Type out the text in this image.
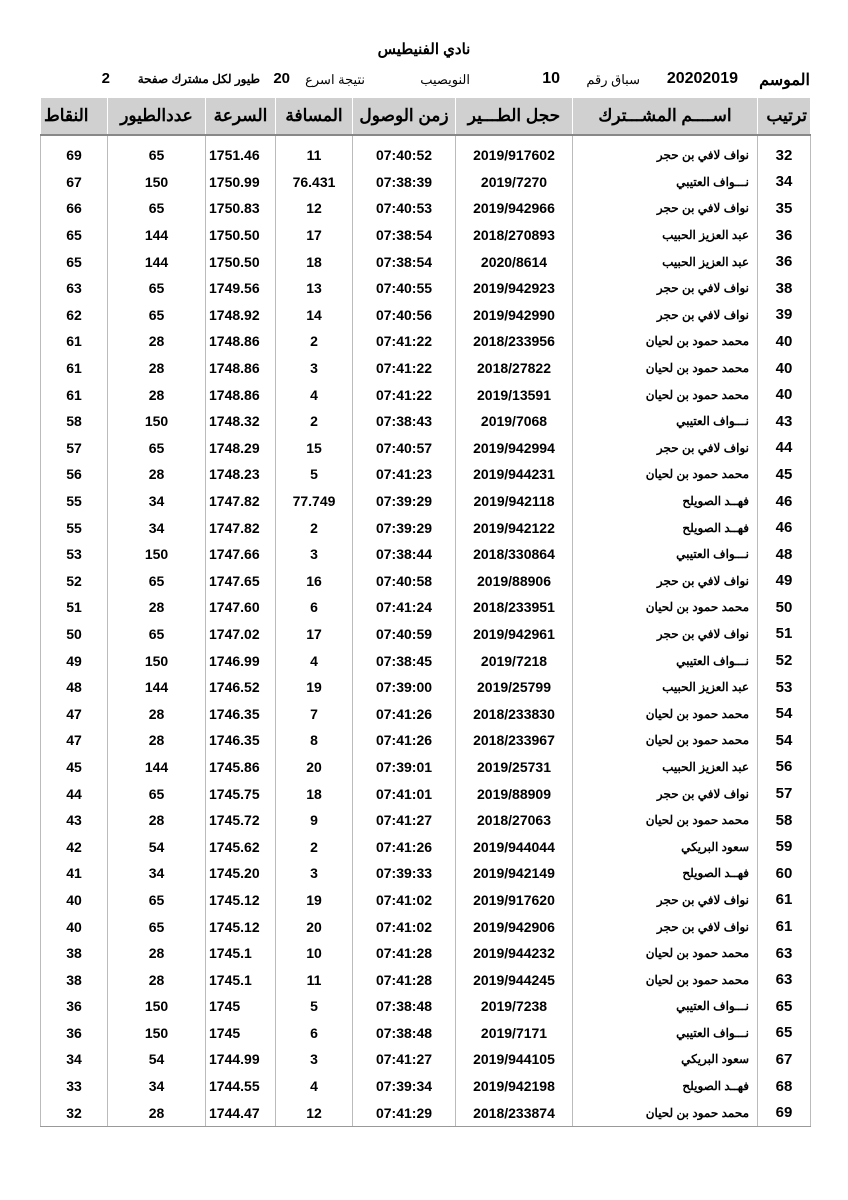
نادي الفنيطيس
الموسم
20202019
سباق رقم
10
النويصيب
نتيجة اسرع
20
طيور لكل مشترك صفحة
2
ترتيب	اســــم المشـــترك	حجل الطـــير	زمن الوصول	المسافة	السرعة	عددالطيور	النقاط
32	نواف لافي بن حجر	2019/917602	07:40:52	11	1751.46	65	69
34	نـــواف العتيبي	2019/7270	07:38:39	76.431	1750.99	150	67
35	نواف لافي بن حجر	2019/942966	07:40:53	12	1750.83	65	66
36	عبد العزيز الحبيب	2018/270893	07:38:54	17	1750.50	144	65
36	عبد العزيز الحبيب	2020/8614	07:38:54	18	1750.50	144	65
38	نواف لافي بن حجر	2019/942923	07:40:55	13	1749.56	65	63
39	نواف لافي بن حجر	2019/942990	07:40:56	14	1748.92	65	62
40	محمد حمود بن لحيان	2018/233956	07:41:22	2	1748.86	28	61
40	محمد حمود بن لحيان	2018/27822	07:41:22	3	1748.86	28	61
40	محمد حمود بن لحيان	2019/13591	07:41:22	4	1748.86	28	61
43	نـــواف العتيبي	2019/7068	07:38:43	2	1748.32	150	58
44	نواف لافي بن حجر	2019/942994	07:40:57	15	1748.29	65	57
45	محمد حمود بن لحيان	2019/944231	07:41:23	5	1748.23	28	56
46	فهــد الصويلح	2019/942118	07:39:29	77.749	1747.82	34	55
46	فهــد الصويلح	2019/942122	07:39:29	2	1747.82	34	55
48	نـــواف العتيبي	2018/330864	07:38:44	3	1747.66	150	53
49	نواف لافي بن حجر	2019/88906	07:40:58	16	1747.65	65	52
50	محمد حمود بن لحيان	2018/233951	07:41:24	6	1747.60	28	51
51	نواف لافي بن حجر	2019/942961	07:40:59	17	1747.02	65	50
52	نـــواف العتيبي	2019/7218	07:38:45	4	1746.99	150	49
53	عبد العزيز الحبيب	2019/25799	07:39:00	19	1746.52	144	48
54	محمد حمود بن لحيان	2018/233830	07:41:26	7	1746.35	28	47
54	محمد حمود بن لحيان	2018/233967	07:41:26	8	1746.35	28	47
56	عبد العزيز الحبيب	2019/25731	07:39:01	20	1745.86	144	45
57	نواف لافي بن حجر	2019/88909	07:41:01	18	1745.75	65	44
58	محمد حمود بن لحيان	2018/27063	07:41:27	9	1745.72	28	43
59	سعود البريكي	2019/944044	07:41:26	2	1745.62	54	42
60	فهــد الصويلح	2019/942149	07:39:33	3	1745.20	34	41
61	نواف لافي بن حجر	2019/917620	07:41:02	19	1745.12	65	40
61	نواف لافي بن حجر	2019/942906	07:41:02	20	1745.12	65	40
63	محمد حمود بن لحيان	2019/944232	07:41:28	10	1745.1	28	38
63	محمد حمود بن لحيان	2019/944245	07:41:28	11	1745.1	28	38
65	نـــواف العتيبي	2019/7238	07:38:48	5	1745	150	36
65	نـــواف العتيبي	2019/7171	07:38:48	6	1745	150	36
67	سعود البريكي	2019/944105	07:41:27	3	1744.99	54	34
68	فهــد الصويلح	2019/942198	07:39:34	4	1744.55	34	33
69	محمد حمود بن لحيان	2018/233874	07:41:29	12	1744.47	28	32
